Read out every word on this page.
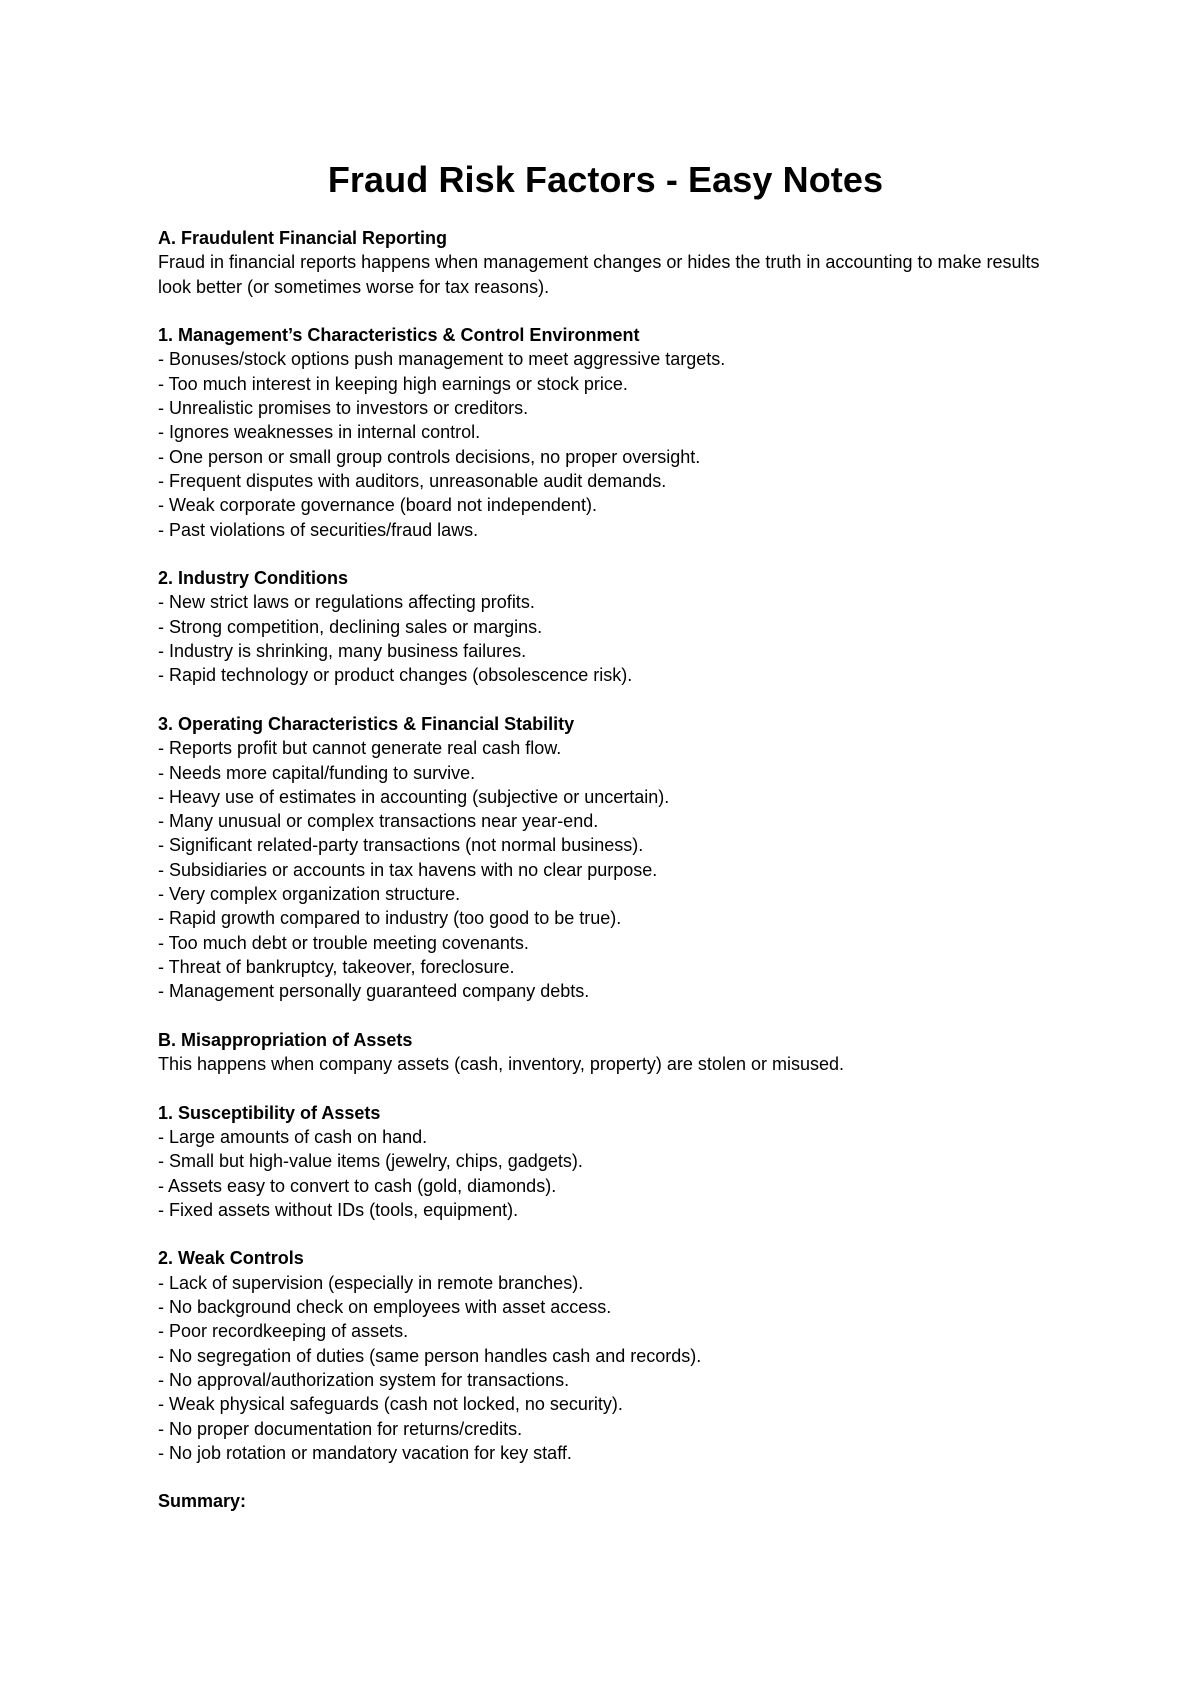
Fraud Risk Factors - Easy Notes
A. Fraudulent Financial Reporting
Fraud in financial reports happens when management changes or hides the truth in accounting to make results look better (or sometimes worse for tax reasons).
1. Management’s Characteristics & Control Environment
- Bonuses/stock options push management to meet aggressive targets.
- Too much interest in keeping high earnings or stock price.
- Unrealistic promises to investors or creditors.
- Ignores weaknesses in internal control.
- One person or small group controls decisions, no proper oversight.
- Frequent disputes with auditors, unreasonable audit demands.
- Weak corporate governance (board not independent).
- Past violations of securities/fraud laws.
2. Industry Conditions
- New strict laws or regulations affecting profits.
- Strong competition, declining sales or margins.
- Industry is shrinking, many business failures.
- Rapid technology or product changes (obsolescence risk).
3. Operating Characteristics & Financial Stability
- Reports profit but cannot generate real cash flow.
- Needs more capital/funding to survive.
- Heavy use of estimates in accounting (subjective or uncertain).
- Many unusual or complex transactions near year-end.
- Significant related-party transactions (not normal business).
- Subsidiaries or accounts in tax havens with no clear purpose.
- Very complex organization structure.
- Rapid growth compared to industry (too good to be true).
- Too much debt or trouble meeting covenants.
- Threat of bankruptcy, takeover, foreclosure.
- Management personally guaranteed company debts.
B. Misappropriation of Assets
This happens when company assets (cash, inventory, property) are stolen or misused.
1. Susceptibility of Assets
- Large amounts of cash on hand.
- Small but high-value items (jewelry, chips, gadgets).
- Assets easy to convert to cash (gold, diamonds).
- Fixed assets without IDs (tools, equipment).
2. Weak Controls
- Lack of supervision (especially in remote branches).
- No background check on employees with asset access.
- Poor recordkeeping of assets.
- No segregation of duties (same person handles cash and records).
- No approval/authorization system for transactions.
- Weak physical safeguards (cash not locked, no security).
- No proper documentation for returns/credits.
- No job rotation or mandatory vacation for key staff.
Summary:
